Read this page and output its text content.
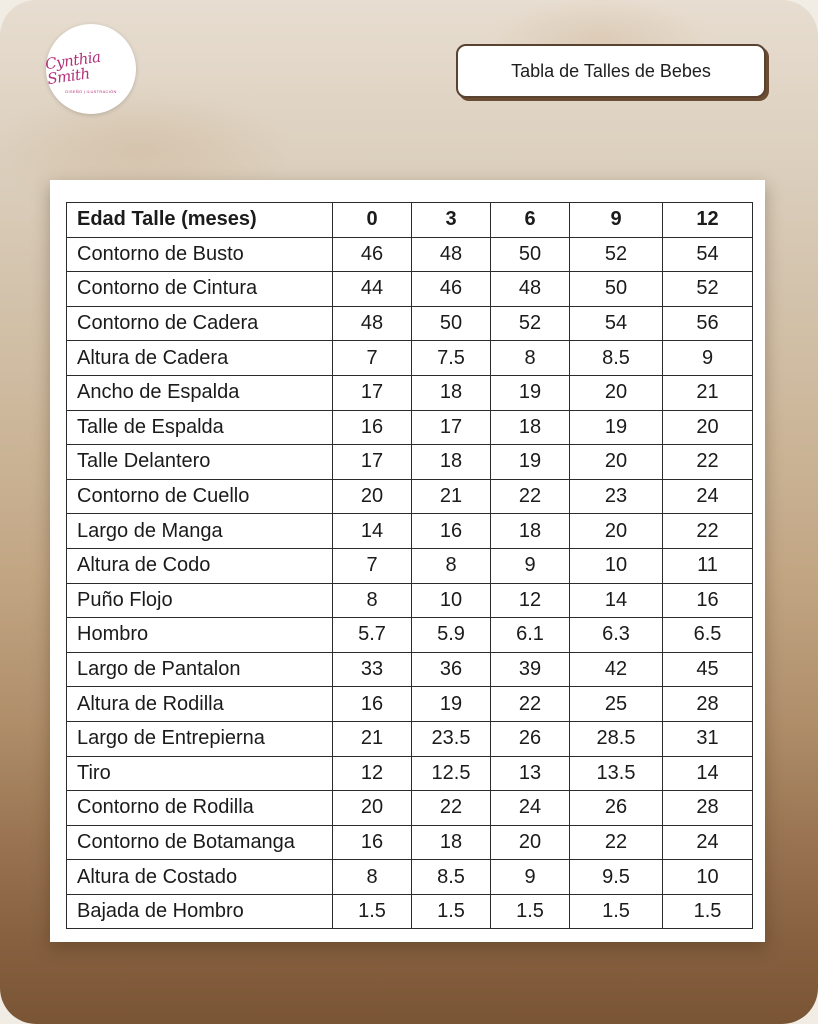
Cynthia Smith
DISEÑO | ILUSTRACIÓN
Tabla de Talles de Bebes
Edad Talle (meses)	0	3	6	9	12
Contorno de Busto	46	48	50	52	54
Contorno de Cintura	44	46	48	50	52
Contorno de Cadera	48	50	52	54	56
Altura de Cadera	7	7.5	8	8.5	9
Ancho de Espalda	17	18	19	20	21
Talle de Espalda	16	17	18	19	20
Talle Delantero	17	18	19	20	22
Contorno de Cuello	20	21	22	23	24
Largo de Manga	14	16	18	20	22
Altura de Codo	7	8	9	10	11
Puño Flojo	8	10	12	14	16
Hombro	5.7	5.9	6.1	6.3	6.5
Largo de Pantalon	33	36	39	42	45
Altura de Rodilla	16	19	22	25	28
Largo de Entrepierna	21	23.5	26	28.5	31
Tiro	12	12.5	13	13.5	14
Contorno de Rodilla	20	22	24	26	28
Contorno de Botamanga	16	18	20	22	24
Altura de Costado	8	8.5	9	9.5	10
Bajada de Hombro	1.5	1.5	1.5	1.5	1.5
